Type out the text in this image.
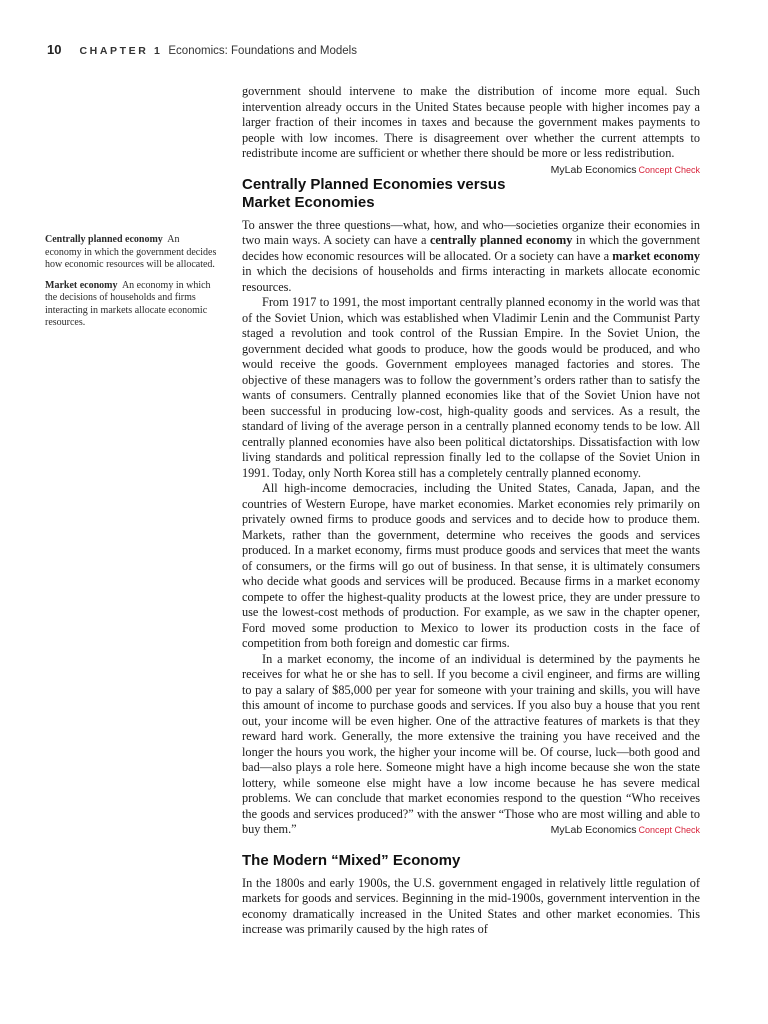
10 CHAPTER 1 Economics: Foundations and Models

Centrally planned economy An economy in which the government decides how economic resources will be allocated.

Market economy An economy in which the decisions of households and firms interacting in markets allocate economic resources.

government should intervene to make the distribution of income more equal. Such intervention already occurs in the United States because people with higher incomes pay a larger fraction of their incomes in taxes and because the government makes payments to people with low incomes. There is disagreement over whether the current attempts to redistribute income are sufficient or whether there should be more or less redistribution.
MyLab Economics Concept Check

Centrally Planned Economies versus Market Economies

To answer the three questions—what, how, and who—societies organize their economies in two main ways. A society can have a centrally planned economy in which the government decides how economic resources will be allocated. Or a society can have a market economy in which the decisions of households and firms interacting in markets allocate economic resources.

From 1917 to 1991, the most important centrally planned economy in the world was that of the Soviet Union, which was established when Vladimir Lenin and the Communist Party staged a revolution and took control of the Russian Empire. In the Soviet Union, the government decided what goods to produce, how the goods would be produced, and who would receive the goods. Government employees managed factories and stores. The objective of these managers was to follow the government’s orders rather than to satisfy the wants of consumers. Centrally planned economies like that of the Soviet Union have not been successful in producing low-cost, high-quality goods and services. As a result, the standard of living of the average person in a centrally planned economy tends to be low. All centrally planned economies have also been political dictatorships. Dissatisfaction with low living standards and political repression finally led to the collapse of the Soviet Union in 1991. Today, only North Korea still has a completely centrally planned economy.

All high-income democracies, including the United States, Canada, Japan, and the countries of Western Europe, have market economies. Market economies rely primarily on privately owned firms to produce goods and services and to decide how to produce them. Markets, rather than the government, determine who receives the goods and services produced. In a market economy, firms must produce goods and services that meet the wants of consumers, or the firms will go out of business. In that sense, it is ultimately consumers who decide what goods and services will be produced. Because firms in a market economy compete to offer the highest-quality products at the lowest price, they are under pressure to use the lowest-cost methods of production. For example, as we saw in the chapter opener, Ford moved some production to Mexico to lower its production costs in the face of competition from both foreign and domestic car firms.

In a market economy, the income of an individual is determined by the payments he receives for what he or she has to sell. If you become a civil engineer, and firms are willing to pay a salary of $85,000 per year for someone with your training and skills, you will have this amount of income to purchase goods and services. If you also buy a house that you rent out, your income will be even higher. One of the attractive features of markets is that they reward hard work. Generally, the more extensive the training you have received and the longer the hours you work, the higher your income will be. Of course, luck—both good and bad—also plays a role here. Someone might have a high income because she won the state lottery, while someone else might have a low income because he has severe medical problems. We can conclude that market economies respond to the question “Who receives the goods and services produced?” with the answer “Those who are most willing and able to buy them.”	MyLab Economics Concept Check

The Modern “Mixed” Economy

In the 1800s and early 1900s, the U.S. government engaged in relatively little regulation of markets for goods and services. Beginning in the mid-1900s, government intervention in the economy dramatically increased in the United States and other market economies. This increase was primarily caused by the high rates of
